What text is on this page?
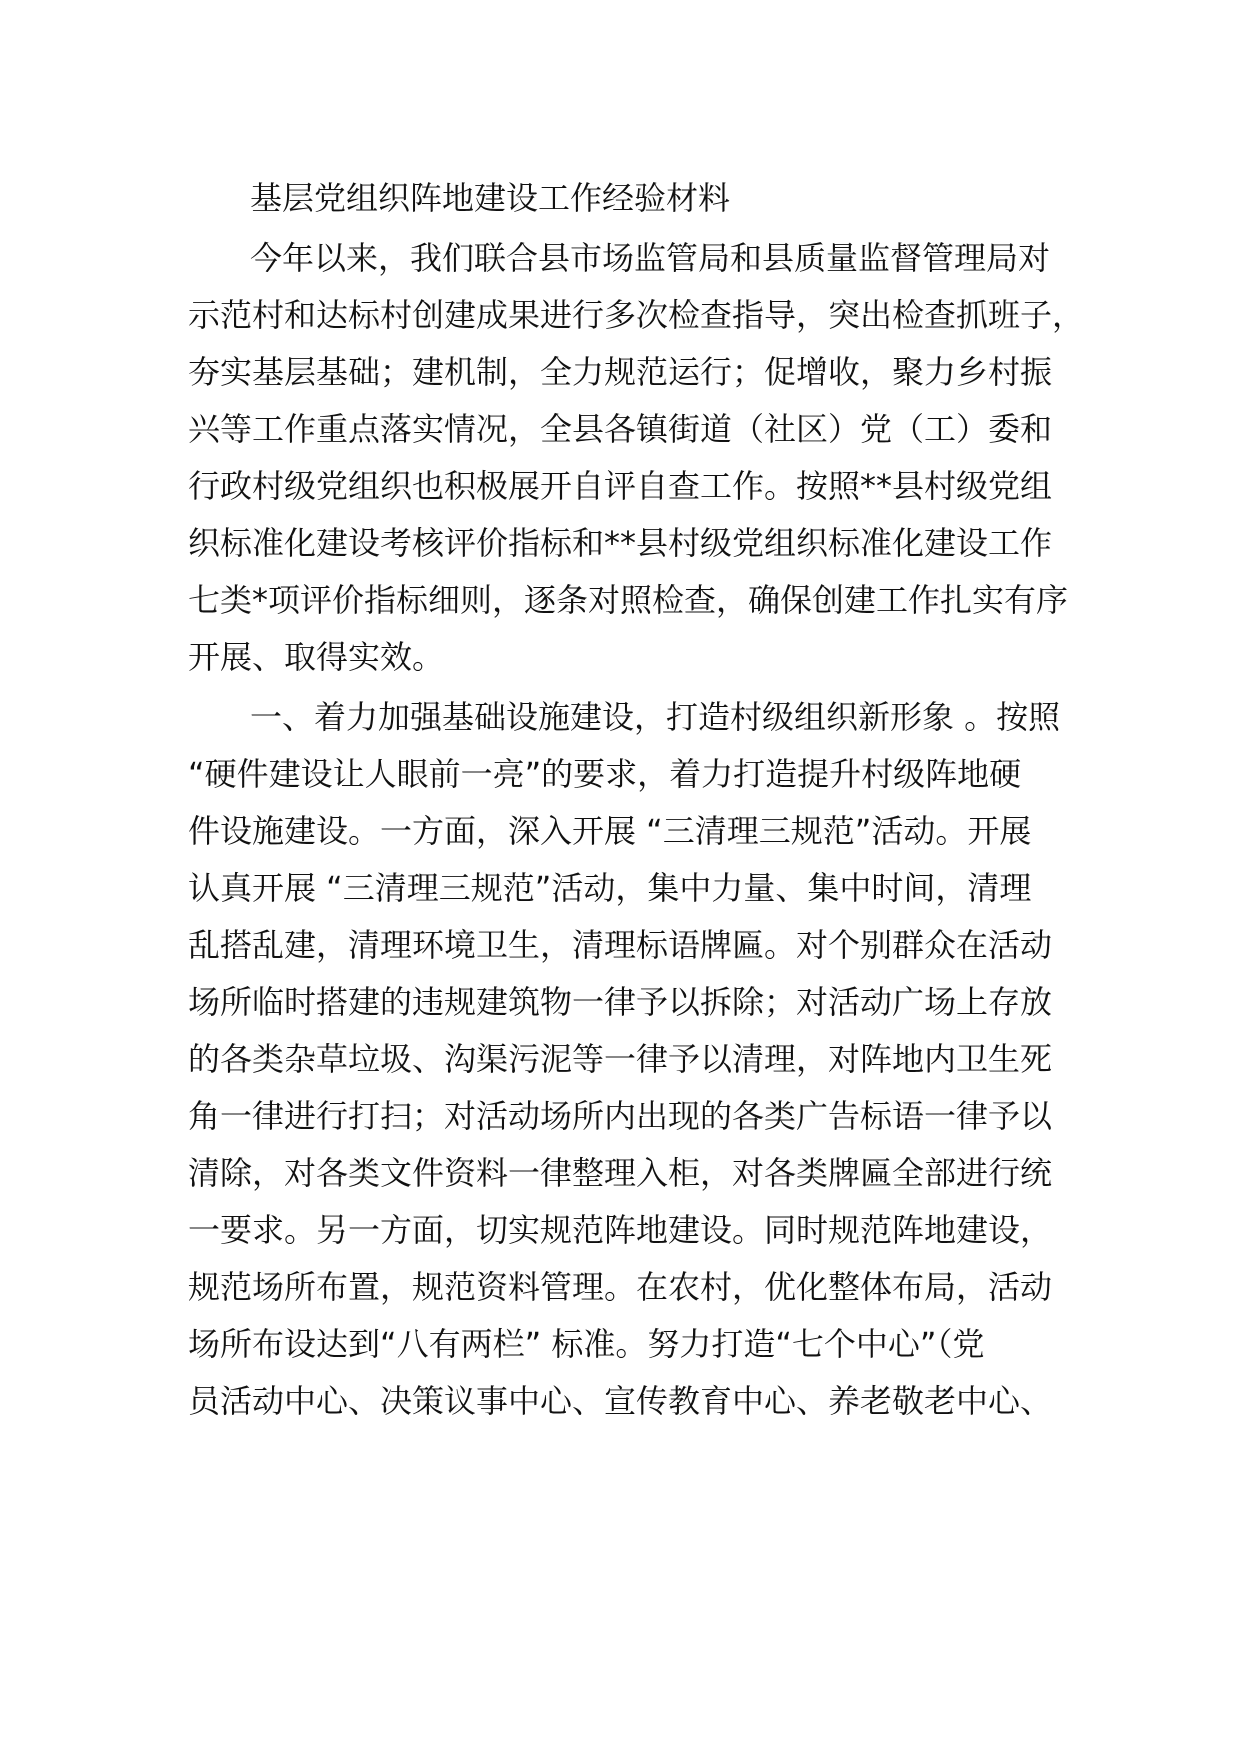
基层党组织阵地建设工作经验材料
今年以来，我们联合县市场监管局和县质量监督管理局对
示范村和达标村创建成果进行多次检查指导，突出检查抓班子，
夯实基层基础；建机制，全力规范运行；促增收，聚力乡村振
兴等工作重点落实情况，全县各镇街道（社区）党（工）委和
行政村级党组织也积极展开自评自查工作。按照**县村级党组
织标准化建设考核评价指标和**县村级党组织标准化建设工作
七类*项评价指标细则，逐条对照检查，确保创建工作扎实有序
开展、取得实效。
一、着力加强基础设施建设，打造村级组织新形象 。按照
“硬件建设让人眼前一亮”的要求，着力打造提升村级阵地硬
件设施建设。一方面，深入开展 “三清理三规范”活动。开展
认真开展 “三清理三规范”活动，集中力量、集中时间，清理
乱搭乱建，清理环境卫生，清理标语牌匾。对个别群众在活动
场所临时搭建的违规建筑物一律予以拆除；对活动广场上存放
的各类杂草垃圾、沟渠污泥等一律予以清理，对阵地内卫生死
角一律进行打扫；对活动场所内出现的各类广告标语一律予以
清除，对各类文件资料一律整理入柜，对各类牌匾全部进行统
一要求。另一方面，切实规范阵地建设。同时规范阵地建设，
规范场所布置，规范资料管理。在农村，优化整体布局，活动
场所布设达到“八有两栏” 标准。努力打造“七个中心”（党
员活动中心、决策议事中心、宣传教育中心、养老敬老中心、
